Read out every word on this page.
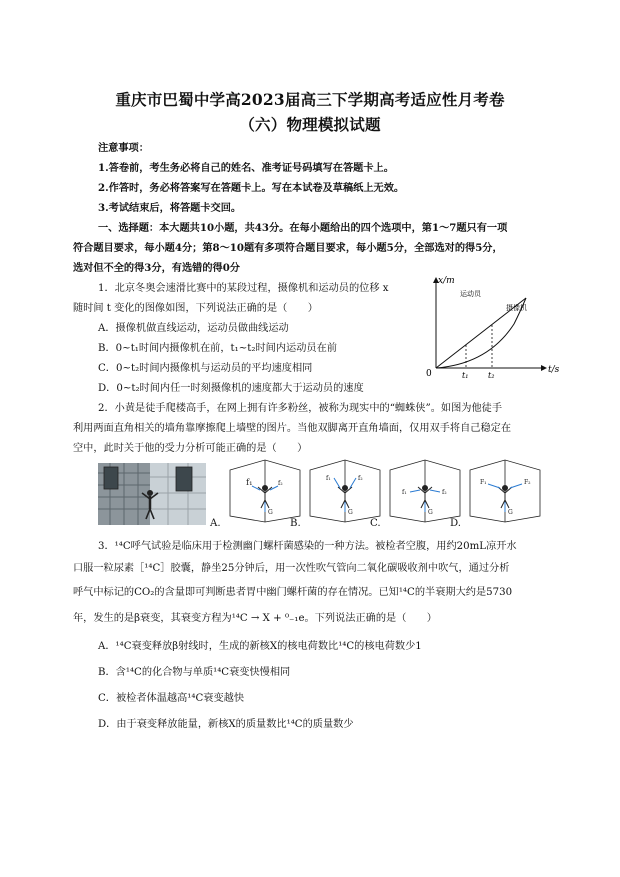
重庆市巴蜀中学高2023届高三下学期高考适应性月考卷
（六）物理模拟试题
注意事项：
1.答卷前，考生务必将自己的姓名、准考证号码填写在答题卡上。
2.作答时，务必将答案写在答题卡上。写在本试卷及草稿纸上无效。
3.考试结束后，将答题卡交回。
一、选择题：本大题共10小题，共43分。在每小题给出的四个选项中，第1～7题只有一项
符合题目要求，每小题4分；第8～10题有多项符合题目要求，每小题5分，全部选对的得5分，
选对但不全的得3分，有选错的得0分
1．北京冬奥会速滑比赛中的某段过程，摄像机和运动员的位移 x
随时间 t 变化的图像如图，下列说法正确的是（　　）
A．摄像机做直线运动，运动员做曲线运动
B．0~t₁时间内摄像机在前，t₁~t₂时间内运动员在前
C．0~t₂时间内摄像机与运动员的平均速度相同
D．0~t₂时间内任一时刻摄像机的速度都大于运动员的速度
x/m
t/s
0	t₁ t₂
运动员
摄像机
2．小黄是徒手爬楼高手，在网上拥有许多粉丝，被称为现实中的“蜘蛛侠”。如图为他徒手
利用两面直角相关的墙角靠摩擦爬上墙壁的图片。当他双脚离开直角墙面，仅用双手将自己稳定在
空中，此时关于他的受力分析可能正确的是（　　）
f₁	f₂
G
f₁	f₂
G
f₁	f₂
G
F₁	F₂
G
A.	B.	C.	D.
3．¹⁴C呼气试验是临床用于检测幽门螺杆菌感染的一种方法。被检者空腹，用约20mL凉开水
口服一粒尿素［¹⁴C］胶囊，静坐25分钟后，用一次性吹气管向二氧化碳吸收剂中吹气，通过分析
呼气中标记的CO₂的含量即可判断患者胃中幽门螺杆菌的存在情况。已知¹⁴C的半衰期大约是5730
年，发生的是β衰变，其衰变方程为¹⁴C → X + ⁰₋₁e。下列说法正确的是（　　）
A．¹⁴C衰变释放β射线时，生成的新核X的核电荷数比¹⁴C的核电荷数少1
B．含¹⁴C的化合物与单质¹⁴C衰变快慢相同
C．被检者体温越高¹⁴C衰变越快
D．由于衰变释放能量，新核X的质量数比¹⁴C的质量数少
